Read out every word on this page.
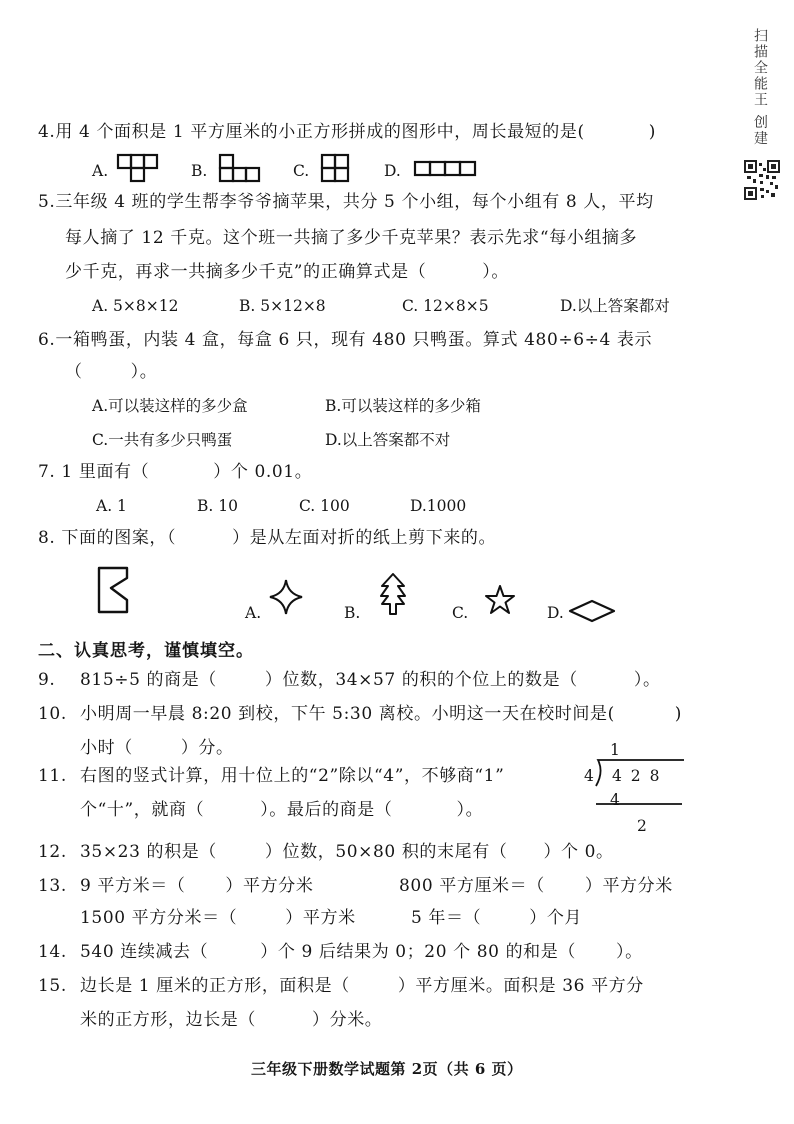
扫描全能王 创建
4.用 4 个面积是 1 平方厘米的小正方形拼成的图形中，周长最短的是(	)
A.	B.	C.	D.
5.三年级 4 班的学生帮李爷爷摘苹果，共分 5 个小组，每个小组有 8 人，平均
每人摘了 12 千克。这个班一共摘了多少千克苹果？表示先求“每小组摘多
少千克，再求一共摘多少千克”的正确算式是（	）。
A. 5×8×12	B. 5×12×8	C. 12×8×5	D.以上答案都对
6.一箱鸭蛋，内装 4 盒，每盒 6 只，现有 480 只鸭蛋。算式 480÷6÷4 表示
（	）。
A.可以装这样的多少盒	B.可以装这样的多少箱
C.一共有多少只鸭蛋	D.以上答案都不对
7. 1 里面有（	）个 0.01。
A. 1	B. 10	C. 100	D.1000
8. 下面的图案，（	）是从左面对折的纸上剪下来的。
A.	B.	C.	D.
二、认真思考，谨慎填空。
9. 815÷5 的商是（	）位数，34×57 的积的个位上的数是（	）。
10. 小明周一早晨 8:20 到校，下午 5:30 离校。小明这一天在校时间是(	)
小时（	）分。
11. 右图的竖式计算，用十位上的“2”除以“4”，不够商“1”
个“十”，就商（	）。最后的商是（	）。
1
4 4 2 8
4
2
12. 35×23 的积是（	）位数，50×80 积的末尾有（ ）个 0。
13. 9 平方米＝（ ）平方分米	800 平方厘米＝（ ）平方分米
1500 平方分米＝（	）平方米	5 年＝（	）个月
14. 540 连续减去（	）个 9 后结果为 0；20 个 80 的和是（ ）。
15. 边长是 1 厘米的正方形，面积是（	）平方厘米。面积是 36 平方分
米的正方形，边长是（	）分米。
三年级下册数学试题第 2页（共 6 页）
